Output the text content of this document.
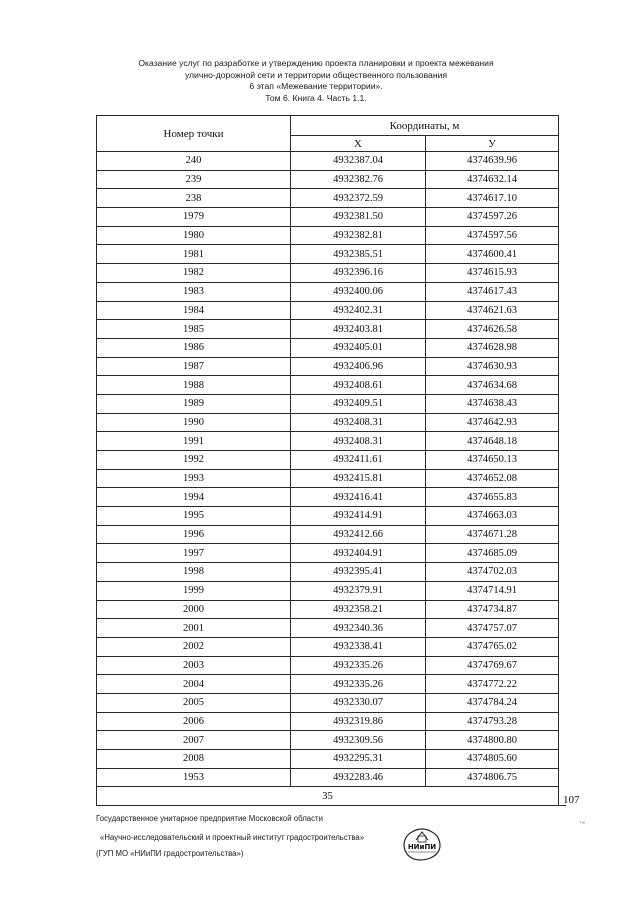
Оказание услуг по разработке и утверждению проекта планировки и проекта межевания
улично-дорожной сети и территории общественного пользования
6 этап «Межевание территории».
Том 6. Книга 4. Часть 1.1.
Номер точки	Координаты, м	
	X	У
240	4932387.04	4374639.96
239	4932382.76	4374632.14
238	4932372.59	4374617.10
1979	4932381.50	4374597.26
1980	4932382.81	4374597.56
1981	4932385.51	4374600.41
1982	4932396.16	4374615.93
1983	4932400.06	4374617.43
1984	4932402.31	4374621.63
1985	4932403.81	4374626.58
1986	4932405.01	4374628.98
1987	4932406.96	4374630.93
1988	4932408.61	4374634.68
1989	4932409.51	4374638.43
1990	4932408.31	4374642.93
1991	4932408.31	4374648.18
1992	4932411.61	4374650.13
1993	4932415.81	4374652.08
1994	4932416.41	4374655.83
1995	4932414.91	4374663.03
1996	4932412.66	4374671.28
1997	4932404.91	4374685.09
1998	4932395.41	4374702.03
1999	4932379.91	4374714.91
2000	4932358.21	4374734.87
2001	4932340.36	4374757.07
2002	4932338.41	4374765.02
2003	4932335.26	4374769.67
2004	4932335.26	4374772.22
2005	4932330.07	4374784.24
2006	4932319.86	4374793.28
2007	4932309.56	4374800.80
2008	4932295.31	4374805.60
1953	4932283.46	4374806.75
35			107
Государственное унитарное предприятие Московской области
«Научно-исследовательский и проектный институт градостроительства»
(ГУП МО «НИиПИ градостроительства»)
НИиПИ
·-
